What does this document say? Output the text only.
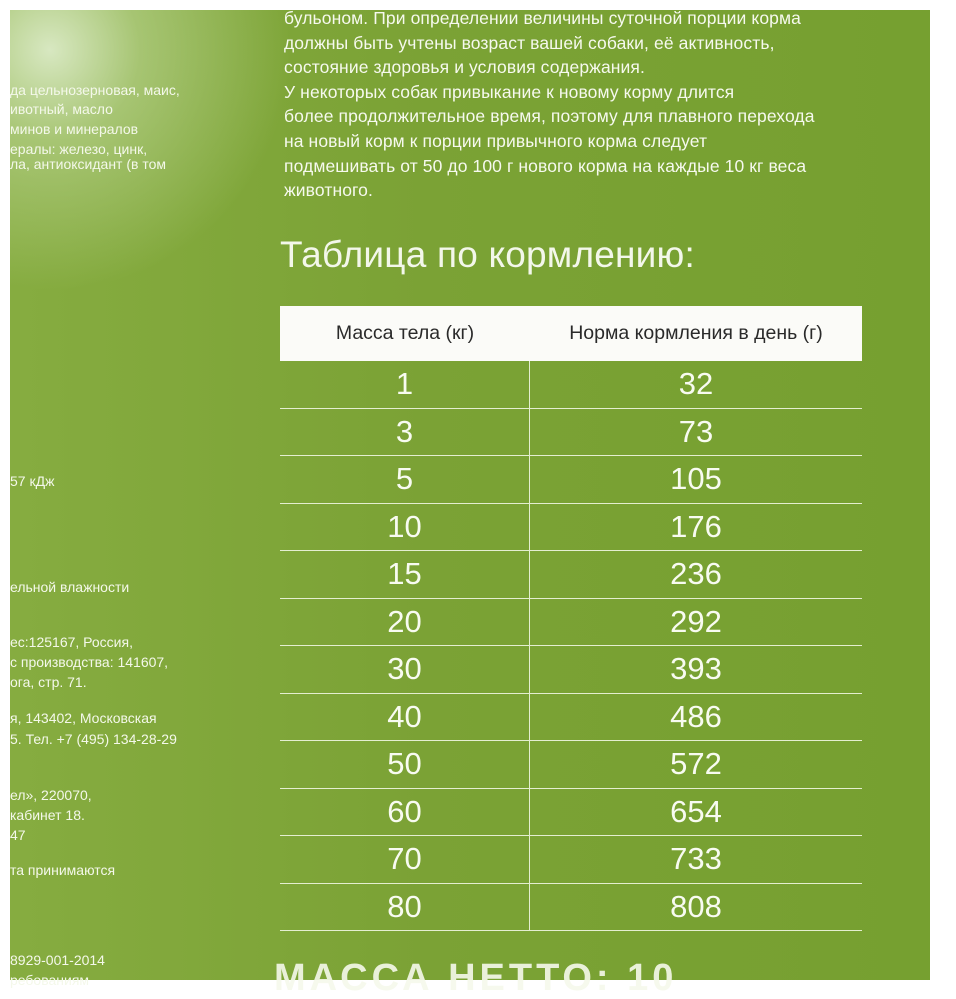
да цельнозерновая, маис,
ивотный, масло
минов и минералов
ералы: железо, цинк,
ла, антиоксидант (в том
57 кДж
ельной влажности
ес:125167, Россия,
с производства: 141607,
ога, стр. 71.
я, 143402, Московская
5. Тел. +7 (495) 134-28-29
ел», 220070,
кабинет 18.
47
та принимаются
8929-001-2014
ребованиям

бульоном. При определении величины суточной порции корма

должны быть учтены возраст вашей собаки, её активность,

состояние здоровья и условия содержания.

У некоторых собак привыкание к новому корму длится

более продолжительное время, поэтому для плавного перехода

на новый корм к порции привычного корма следует

подмешивать от 50 до 100 г нового корма на каждые 10 кг веса

животного.

Таблица по кормлению:
Масса тела (кг)	Норма кормления в день (г)
1	32
3	73
5	105
10	176
15	236
20	292
30	393
40	486
50	572
60	654
70	733
80	808
МАССА НЕТТО: 10
